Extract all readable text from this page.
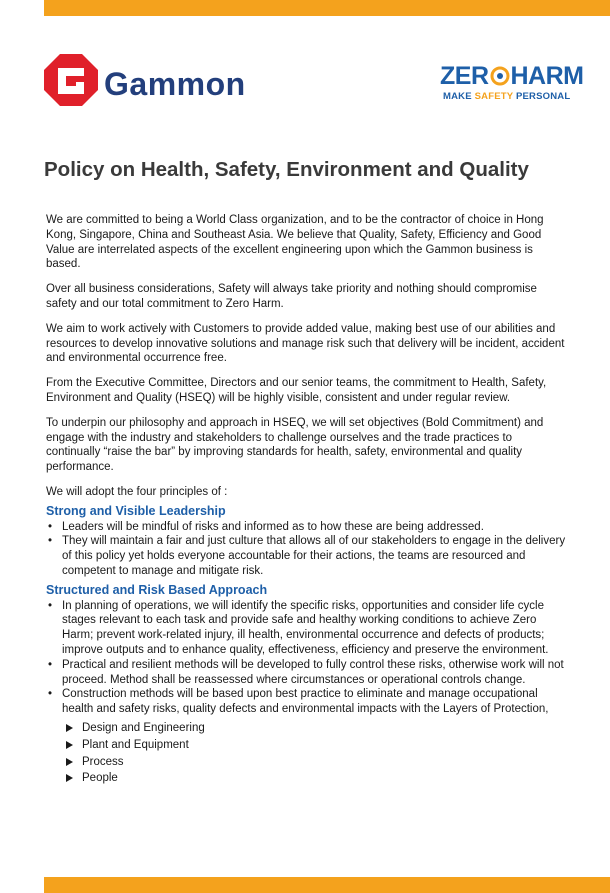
Gammon	ZER HARM
MAKE SAFETY PERSONAL
Policy on Health, Safety, Environment and Quality

We are committed to being a World Class organization, and to be the contractor of choice in Hong Kong, Singapore, China and Southeast Asia. We believe that Quality, Safety, Efficiency and Good Value are interrelated aspects of the excellent engineering upon which the Gammon business is based.

Over all business considerations, Safety will always take priority and nothing should compromise safety and our total commitment to Zero Harm.

We aim to work actively with Customers to provide added value, making best use of our abilities and resources to develop innovative solutions and manage risk such that delivery will be incident, accident and environmental occurrence free.

From the Executive Committee, Directors and our senior teams, the commitment to Health, Safety, Environment and Quality (HSEQ) will be highly visible, consistent and under regular review.

To underpin our philosophy and approach in HSEQ, we will set objectives (Bold Commitment) and engage with the industry and stakeholders to challenge ourselves and the trade practices to continually “raise the bar” by improving standards for health, safety, environmental and quality performance.

We will adopt the four principles of :

Strong and Visible Leadership
• Leaders will be mindful of risks and informed as to how these are being addressed.
• They will maintain a fair and just culture that allows all of our stakeholders to engage in the delivery of this policy yet holds everyone accountable for their actions, the teams are resourced and competent to manage and mitigate risk.
Structured and Risk Based Approach
• In planning of operations, we will identify the specific risks, opportunities and consider life cycle stages relevant to each task and provide safe and healthy working conditions to achieve Zero Harm; prevent work-related injury, ill health, environmental occurrence and defects of products; improve outputs and to enhance quality, effectiveness, efficiency and preserve the environment.
• Practical and resilient methods will be developed to fully control these risks, otherwise work will not proceed. Method shall be reassessed where circumstances or operational controls change.
• Construction methods will be based upon best practice to eliminate and manage occupational health and safety risks, quality defects and environmental impacts with the Layers of Protection,
Design and Engineering
Plant and Equipment
Process
People
